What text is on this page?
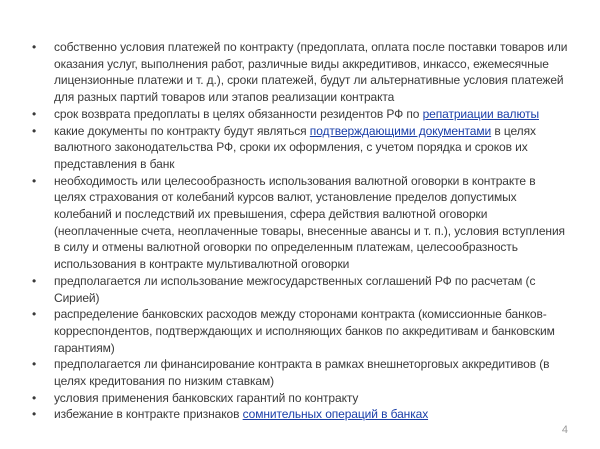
•	собственно условия платежей по контракту (предоплата, оплата после поставки товаров или оказания услуг, выполнения работ, различные виды аккредитивов, инкассо, ежемесячные лицензионные платежи и т. д.), сроки платежей, будут ли альтернативные условия платежей для разных партий товаров или этапов реализации контракта
•	срок возврата предоплаты в целях обязанности резидентов РФ по репатриации валюты
•	какие документы по контракту будут являться подтверждающими документами в целях валютного законодательства РФ, сроки их оформления, с учетом порядка и сроков их представления в банк
•	необходимость или целесообразность использования валютной оговорки в контракте в целях страхования от колебаний курсов валют, установление пределов допустимых колебаний и последствий их превышения, сфера действия валютной оговорки (неоплаченные счета, неоплаченные товары, внесенные авансы и т. п.), условия вступления в силу и отмены валютной оговорки по определенным платежам, целесообразность использования в контракте мультивалютной оговорки
•	предполагается ли использование межгосударственных соглашений РФ по расчетам (с Сирией)
•	распределение банковских расходов между сторонами контракта (комиссионные банков-корреспондентов, подтверждающих и исполняющих банков по аккредитивам и банковским гарантиям)
•	предполагается ли финансирование контракта в рамках внешнеторговых аккредитивов (в целях кредитования по низким ставкам)
•	условия применения банковских гарантий по контракту
•	избежание в контракте признаков сомнительных операций в банках
4
